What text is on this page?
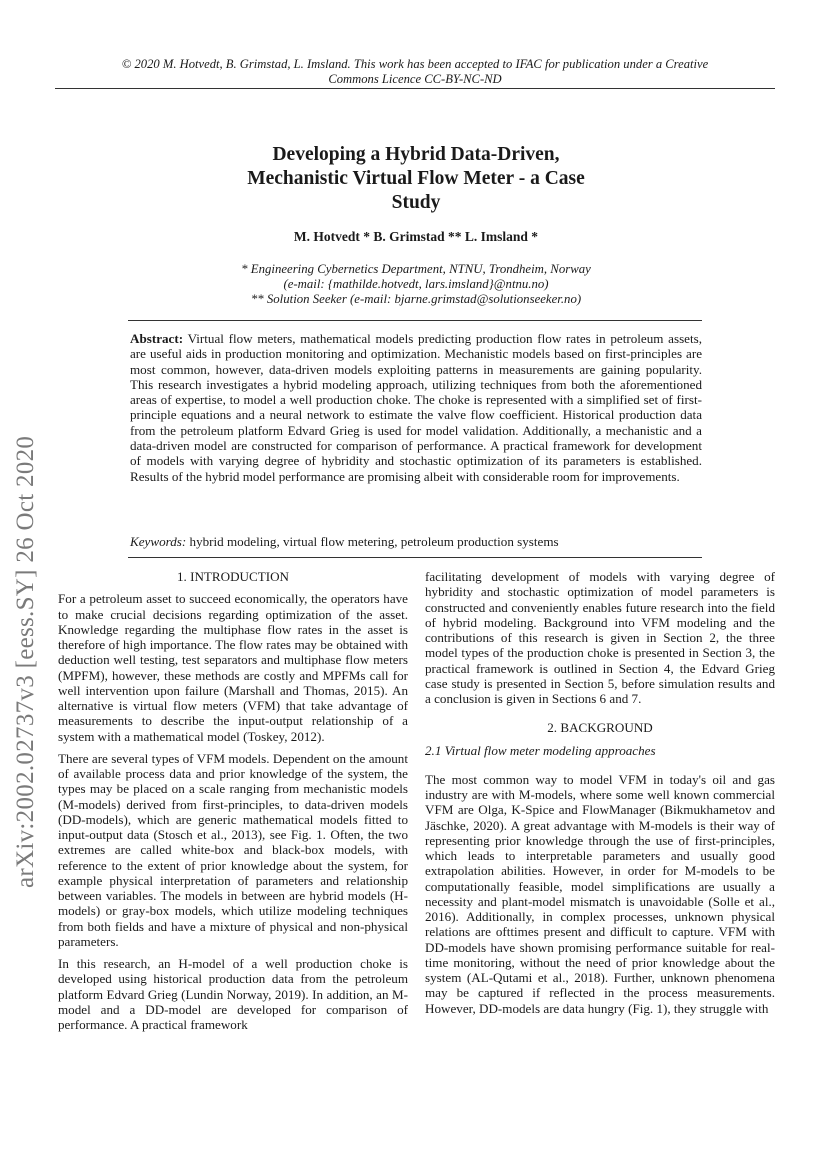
© 2020 M. Hotvedt, B. Grimstad, L. Imsland. This work has been accepted to IFAC for publication under a Creative
Commons Licence CC-BY-NC-ND
arXiv:2002.02737v3 [eess.SY] 26 Oct 2020
Developing a Hybrid Data-Driven,
Mechanistic Virtual Flow Meter - a Case
Study
M. Hotvedt * B. Grimstad ** L. Imsland *
* Engineering Cybernetics Department, NTNU, Trondheim, Norway
(e-mail: {mathilde.hotvedt, lars.imsland}@ntnu.no)
** Solution Seeker (e-mail: bjarne.grimstad@solutionseeker.no)
Abstract: Virtual flow meters, mathematical models predicting production flow rates in petroleum assets, are useful aids in production monitoring and optimization. Mechanistic models based on first-principles are most common, however, data-driven models exploiting patterns in measurements are gaining popularity. This research investigates a hybrid modeling approach, utilizing techniques from both the aforementioned areas of expertise, to model a well production choke. The choke is represented with a simplified set of first-principle equations and a neural network to estimate the valve flow coefficient. Historical production data from the petroleum platform Edvard Grieg is used for model validation. Additionally, a mechanistic and a data-driven model are constructed for comparison of performance. A practical framework for development of models with varying degree of hybridity and stochastic optimization of its parameters is established. Results of the hybrid model performance are promising albeit with considerable room for improvements.
Keywords: hybrid modeling, virtual flow metering, petroleum production systems
1. INTRODUCTION

For a petroleum asset to succeed economically, the operators have to make crucial decisions regarding optimization of the asset. Knowledge regarding the multiphase flow rates in the asset is therefore of high importance. The flow rates may be obtained with deduction well testing, test separators and multiphase flow meters (MPFM), however, these methods are costly and MPFMs call for well intervention upon failure (Marshall and Thomas, 2015). An alternative is virtual flow meters (VFM) that take advantage of measurements to describe the input-output relationship of a system with a mathematical model (Toskey, 2012).

There are several types of VFM models. Dependent on the amount of available process data and prior knowledge of the system, the types may be placed on a scale ranging from mechanistic models (M-models) derived from first-principles, to data-driven models (DD-models), which are generic mathematical models fitted to input-output data (Stosch et al., 2013), see Fig. 1. Often, the two extremes are called white-box and black-box models, with reference to the extent of prior knowledge about the system, for example physical interpretation of parameters and relationship between variables. The models in between are hybrid models (H-models) or gray-box models, which utilize modeling techniques from both fields and have a mixture of physical and non-physical parameters.

In this research, an H-model of a well production choke is developed using historical production data from the petroleum platform Edvard Grieg (Lundin Norway, 2019). In addition, an M-model and a DD-model are developed for comparison of performance. A practical framework

facilitating development of models with varying degree of hybridity and stochastic optimization of model parameters is constructed and conveniently enables future research into the field of hybrid modeling. Background into VFM modeling and the contributions of this research is given in Section 2, the three model types of the production choke is presented in Section 3, the practical framework is outlined in Section 4, the Edvard Grieg case study is presented in Section 5, before simulation results and a conclusion is given in Sections 6 and 7.

2. BACKGROUND
2.1 Virtual flow meter modeling approaches

The most common way to model VFM in today's oil and gas industry are with M-models, where some well known commercial VFM are Olga, K-Spice and FlowManager (Bikmukhametov and Jäschke, 2020). A great advantage with M-models is their way of representing prior knowledge through the use of first-principles, which leads to interpretable parameters and usually good extrapolation abilities. However, in order for M-models to be computationally feasible, model simplifications are usually a necessity and plant-model mismatch is unavoidable (Solle et al., 2016). Additionally, in complex processes, unknown physical relations are ofttimes present and difficult to capture. VFM with DD-models have shown promising performance suitable for real-time monitoring, without the need of prior knowledge about the system (AL-Qutami et al., 2018). Further, unknown phenomena may be captured if reflected in the process measurements. However, DD-models are data hungry (Fig. 1), they struggle with
